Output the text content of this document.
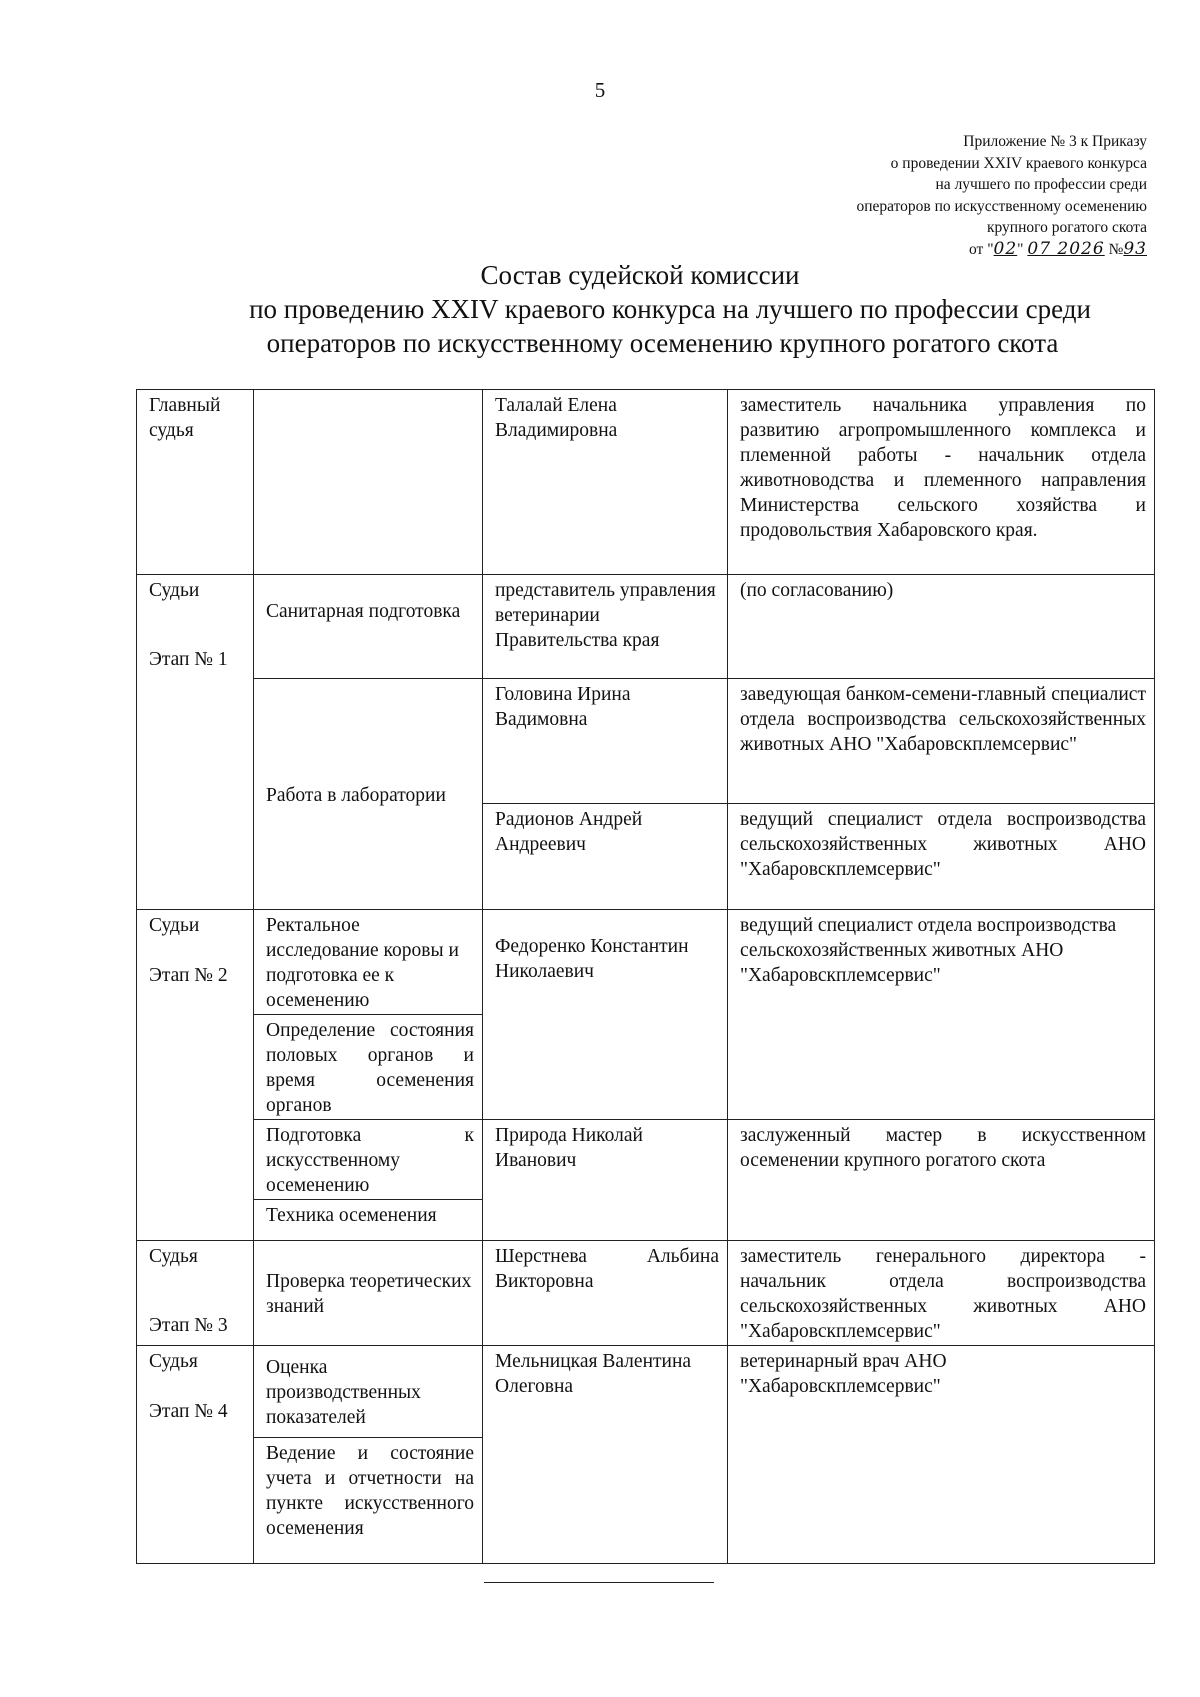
5
Приложение № 3 к Приказу
о проведении XXIV краевого конкурса
на лучшего по профессии среди
операторов по искусственному осеменению
крупного рогатого скота
от "02" 07 2026 №93
Состав судейской комиссии
по проведению XXIV краевого конкурса на лучшего по профессии среди
операторов по искусственному осеменению крупного рогатого скота
Главный судья		Талалай Елена Владимировна	заместитель начальника управления по развитию агропромышленного комплекса и племенной работы - начальник отдела животноводства и племенного направления Министерства сельского хозяйства и продовольствия Хабаровского края.

Судьи
Этап № 1	Санитарная подготовка	представитель управления ветеринарии Правительства края	(по согласованию)
	Работа в лаборатории	Головина Ирина Вадимовна	заведующая банком-семени-главный специалист отдела воспроизводства сельскохозяйственных животных АНО "Хабаровскплемсервис"
		Радионов Андрей Андреевич	ведущий специалист отдела воспроизводства сельскохозяйственных животных АНО "Хабаровскплемсервис"

Судьи
Этап № 2	Ректальное исследование коровы и подготовка ее к осеменению	Федоренко Константин Николаевич	ведущий специалист отдела воспроизводства сельскохозяйственных животных АНО "Хабаровскплемсервис"
	Определение состояния половых органов и время осеменения органов		
	Подготовка к искусственному осеменению	Природа Николай Иванович	заслуженный мастер в искусственном осеменении крупного рогатого скота
	Техника осеменения		

Судья
Этап № 3	Проверка теоретических знаний	Шерстнева Альбина Викторовна	заместитель генерального директора - начальник отдела воспроизводства сельскохозяйственных животных АНО "Хабаровскплемсервис"

Судья
Этап № 4	Оценка производственных показателей	Мельницкая Валентина Олеговна	ветеринарный врач АНО "Хабаровскплемсервис"
	Ведение и состояние учета и отчетности на пункте искусственного осеменения		
